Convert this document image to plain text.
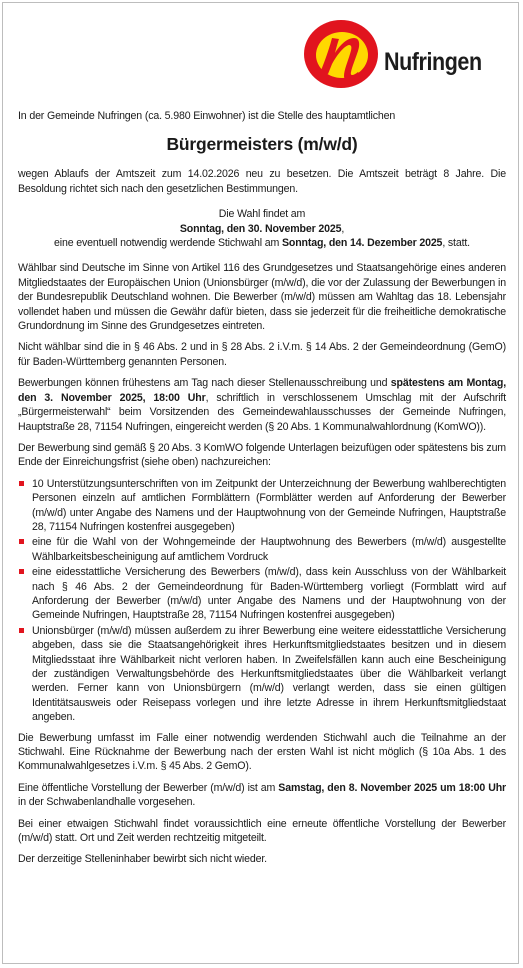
Nufringen

In der Gemeinde Nufringen (ca. 5.980 Einwohner) ist die Stelle des hauptamtlichen

Bürgermeisters (m/w/d)

wegen Ablaufs der Amtszeit zum 14.02.2026 neu zu besetzen. Die Amtszeit beträgt 8 Jahre. Die Besoldung richtet sich nach den gesetzlichen Bestimmungen.

Die Wahl findet am
Sonntag, den 30. November 2025,
eine eventuell notwendig werdende Stichwahl am Sonntag, den 14. Dezember 2025, statt.

Wählbar sind Deutsche im Sinne von Artikel 116 des Grundgesetzes und Staatsangehörige eines anderen Mitgliedstaates der Europäischen Union (Unionsbürger (m/w/d), die vor der Zulassung der Bewerbungen in der Bundesrepublik Deutschland wohnen. Die Bewerber (m/w/d) müssen am Wahltag das 18. Lebensjahr vollendet haben und müssen die Gewähr dafür bieten, dass sie jederzeit für die freiheitliche demokratische Grundordnung im Sinne des Grundgesetzes eintreten.

Nicht wählbar sind die in § 46 Abs. 2 und in § 28 Abs. 2 i.V.m. § 14 Abs. 2 der Gemeindeordnung (GemO) für Baden-Württemberg genannten Personen.

Bewerbungen können frühestens am Tag nach dieser Stellenausschreibung und spätestens am Montag, den 3. November 2025, 18:00 Uhr, schriftlich in verschlossenem Umschlag mit der Aufschrift „Bürgermeisterwahl“ beim Vorsitzenden des Gemeindewahlausschusses der Gemeinde Nufringen, Hauptstraße 28, 71154 Nufringen, eingereicht werden (§ 20 Abs. 1 Kommunalwahlordnung (KomWO)).

Der Bewerbung sind gemäß § 20 Abs. 3 KomWO folgende Unterlagen beizufügen oder spätestens bis zum Ende der Einreichungsfrist (siehe oben) nachzureichen:

10 Unterstützungsunterschriften von im Zeitpunkt der Unterzeichnung der Bewerbung wahlberechtigten Personen einzeln auf amtlichen Formblättern (Formblätter werden auf Anforderung der Bewerber (m/w/d) unter Angabe des Namens und der Hauptwohnung von der Gemeinde Nufringen, Hauptstraße 28, 71154 Nufringen kostenfrei ausgegeben)
eine für die Wahl von der Wohngemeinde der Hauptwohnung des Bewerbers (m/w/d) ausgestellte Wählbarkeitsbescheinigung auf amtlichem Vordruck
eine eidesstattliche Versicherung des Bewerbers (m/w/d), dass kein Ausschluss von der Wählbarkeit nach § 46 Abs. 2 der Gemeindeordnung für Baden-Württemberg vorliegt (Formblatt wird auf Anforderung der Bewerber (m/w/d) unter Angabe des Namens und der Hauptwohnung von der Gemeinde Nufringen, Hauptstraße 28, 71154 Nufringen kostenfrei ausgegeben)
Unionsbürger (m/w/d) müssen außerdem zu ihrer Bewerbung eine weitere eidesstattliche Versicherung abgeben, dass sie die Staatsangehörigkeit ihres Herkunftsmitgliedstaates besitzen und in diesem Mitgliedsstaat ihre Wählbarkeit nicht verloren haben. In Zweifelsfällen kann auch eine Bescheinigung der zuständigen Verwaltungsbehörde des Herkunftsmitgliedstaates über die Wählbarkeit verlangt werden. Ferner kann von Unionsbürgern (m/w/d) verlangt werden, dass sie einen gültigen Identitätsausweis oder Reisepass vorlegen und ihre letzte Adresse in ihrem Herkunftsmitgliedstaat angeben.

Die Bewerbung umfasst im Falle einer notwendig werdenden Stichwahl auch die Teilnahme an der Stichwahl. Eine Rücknahme der Bewerbung nach der ersten Wahl ist nicht möglich (§ 10a Abs. 1 des Kommunalwahlgesetzes i.V.m. § 45 Abs. 2 GemO).

Eine öffentliche Vorstellung der Bewerber (m/w/d) ist am Samstag, den 8. November 2025 um 18:00 Uhr in der Schwabenlandhalle vorgesehen.

Bei einer etwaigen Stichwahl findet voraussichtlich eine erneute öffentliche Vorstellung der Bewerber (m/w/d) statt. Ort und Zeit werden rechtzeitig mitgeteilt.

Der derzeitige Stelleninhaber bewirbt sich nicht wieder.
